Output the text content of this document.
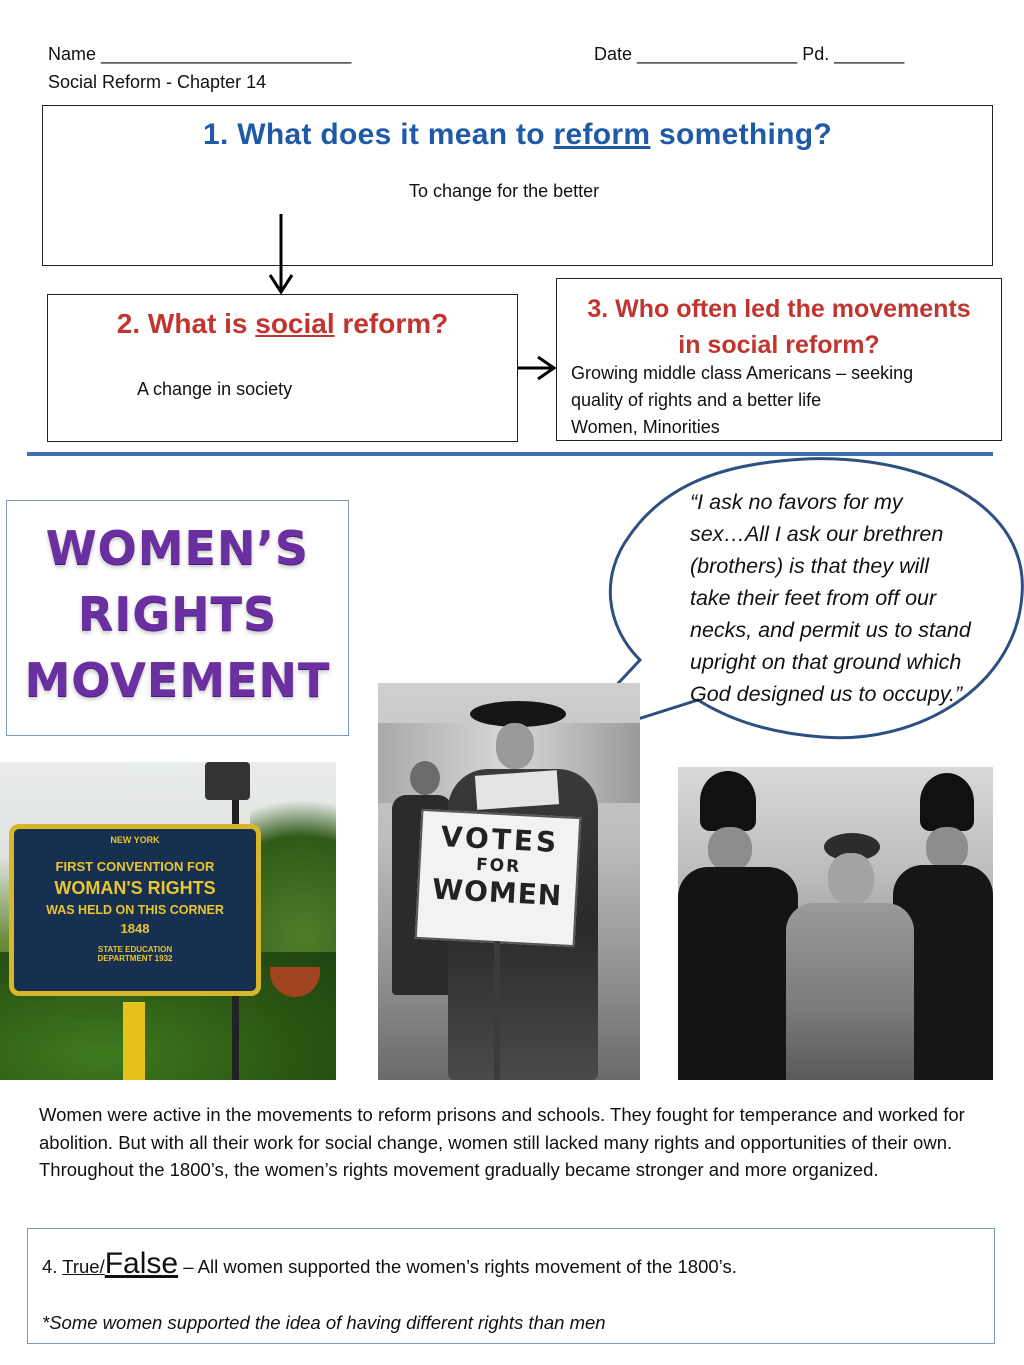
Name _________________________	Date ________________ Pd. _______
Social Reform - Chapter 14
1. What does it mean to reform something?
To change for the better
2. What is social reform?
A change in society
3. Who often led the movements
in social reform?
Growing middle class Americans – seeking
quality of rights and a better life
Women, Minorities
WOMEN’S
RIGHTS
MOVEMENT
“I ask no favors for my
sex…All I ask our brethren
(brothers) is that they will
take their feet from off our
necks, and permit us to stand
upright on that ground which
God designed us to occupy.”
NEW YORK
FIRST CONVENTION FOR
WOMAN'S RIGHTS
WAS HELD ON THIS CORNER
1848
STATE EDUCATION
DEPARTMENT 1932
VOTES
FOR
WOMEN
Women were active in the movements to reform prisons and schools. They fought for temperance and worked for abolition. But with all their work for social change, women still lacked many rights and opportunities of their own. Throughout the 1800’s, the women’s rights movement gradually became stronger and more organized.
4. True/False – All women supported the women’s rights movement of the 1800’s.
*Some women supported the idea of having different rights than men
